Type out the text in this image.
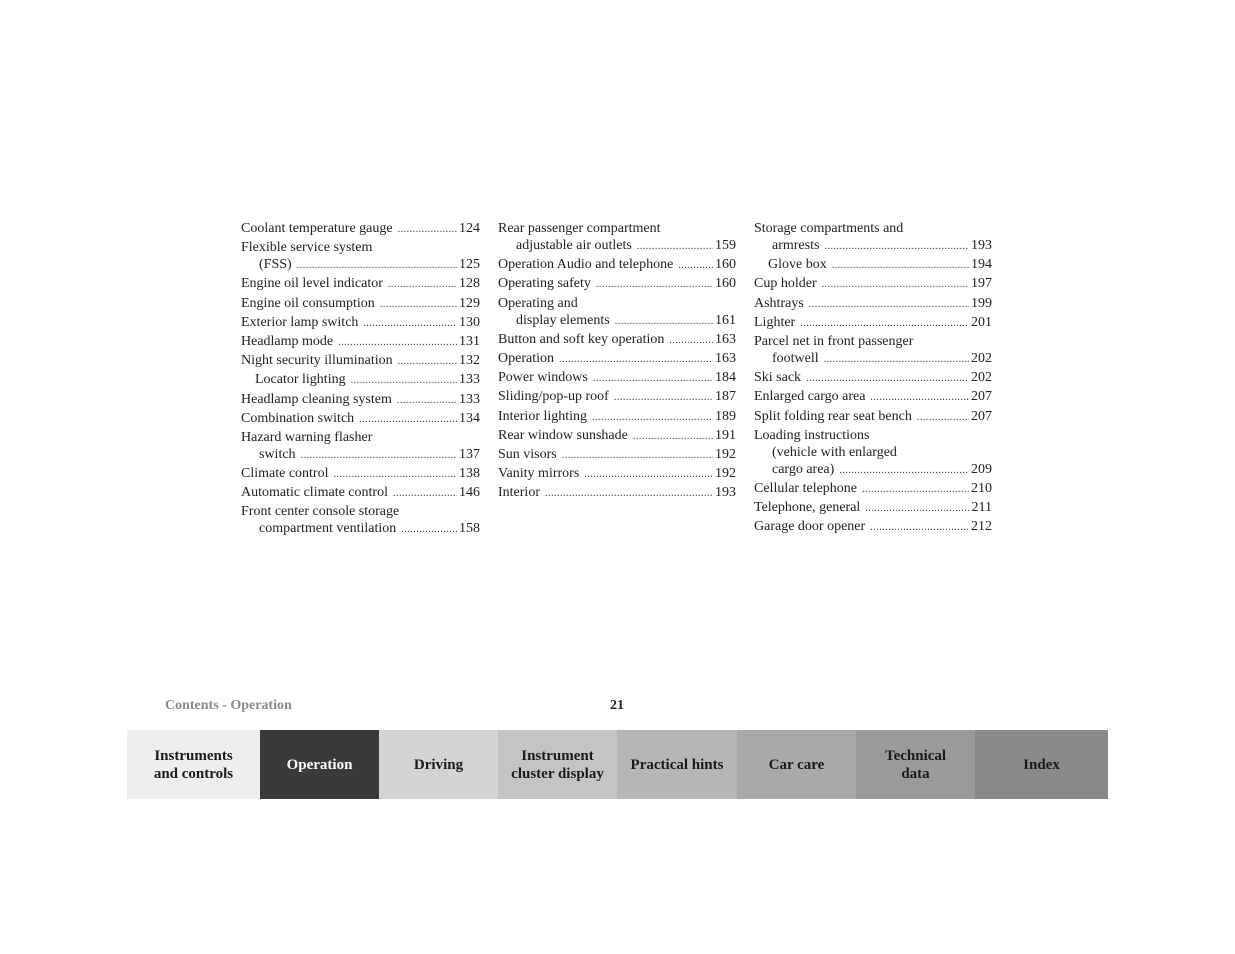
Coolant temperature gauge .....	124
Flexible service system
(FSS) .....	125
Engine oil level indicator .....	128
Engine oil consumption .....	129
Exterior lamp switch .....	130
Headlamp mode .....	131
Night security illumination .....	132
Locator lighting .....	133
Headlamp cleaning system .....	133
Combination switch .....	134
Hazard warning flasher
switch .....	137
Climate control .....	138
Automatic climate control .....	146
Front center console storage
compartment ventilation .....	158
Rear passenger compartment
adjustable air outlets .....	159
Operation Audio and telephone .....	160
Operating safety .....	160
Operating and
display elements .....	161
Button and soft key operation .....	163
Operation .....	163
Power windows .....	184
Sliding/pop-up roof .....	187
Interior lighting .....	189
Rear window sunshade .....	191
Sun visors .....	192
Vanity mirrors .....	192
Interior .....	193
Storage compartments and
armrests .....	193
Glove box .....	194
Cup holder .....	197
Ashtrays .....	199
Lighter .....	201
Parcel net in front passenger
footwell .....	202
Ski sack .....	202
Enlarged cargo area .....	207
Split folding rear seat bench .....	207
Loading instructions
(vehicle with enlarged
cargo area) .....	209
Cellular telephone .....	210
Telephone, general .....	211
Garage door opener .....	212
Contents - Operation	21
Instruments
and controls
Operation	Driving
Instrument
cluster display
Practical hints	Car care
Technical
data
Index
